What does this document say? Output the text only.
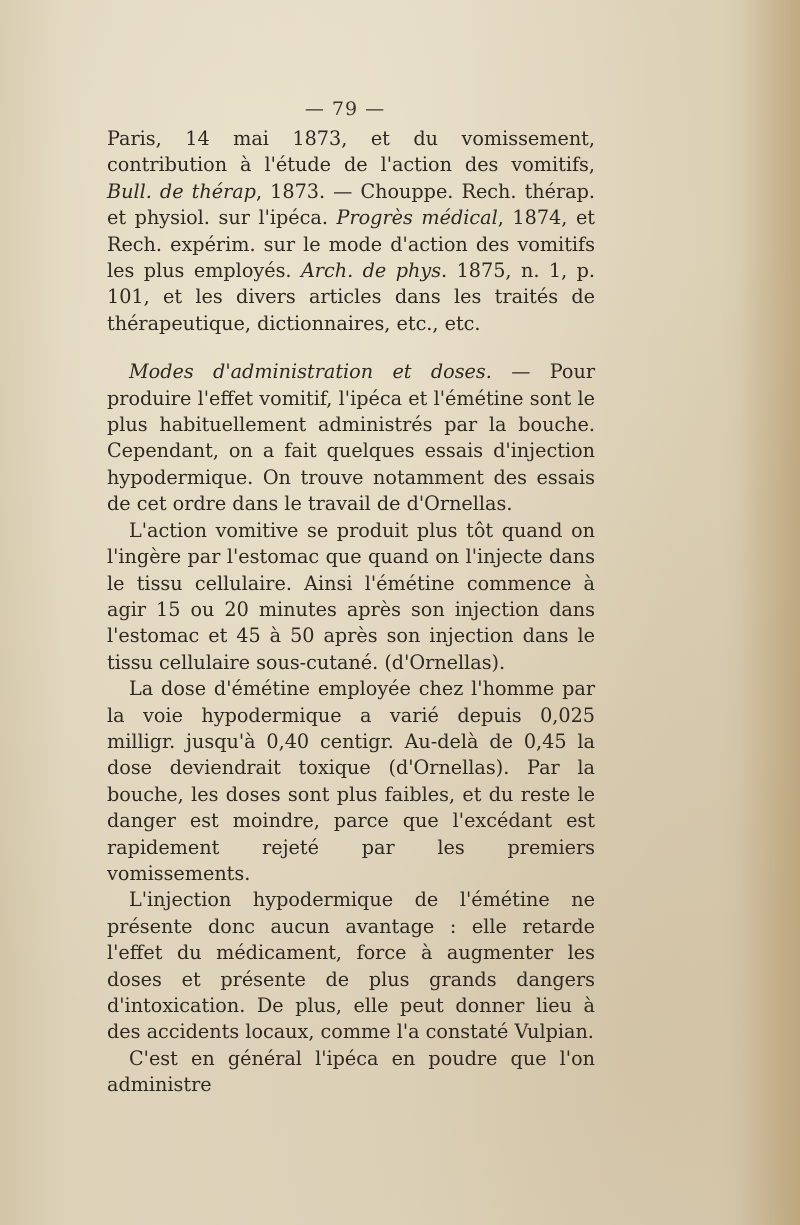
— 79 —

Paris, 14 mai 1873, et du vomissement, contribution à l'étude de l'action des vomitifs, Bull. de thérap, 1873. — Chouppe. Rech. thérap. et physiol. sur l'ipéca. Progrès médical, 1874, et Rech. expérim. sur le mode d'action des vomitifs les plus employés. Arch. de phys. 1875, n. 1, p. 101, et les divers articles dans les traités de thérapeutique, dictionnaires, etc., etc.

Modes d'administration et doses. — Pour produire l'effet vomitif, l'ipéca et l'émétine sont le plus habituellement administrés par la bouche. Cependant, on a fait quelques essais d'injection hypodermique. On trouve notamment des essais de cet ordre dans le travail de d'Ornellas.

L'action vomitive se produit plus tôt quand on l'ingère par l'estomac que quand on l'injecte dans le tissu cellulaire. Ainsi l'émétine commence à agir 15 ou 20 minutes après son injection dans l'estomac et 45 à 50 après son injection dans le tissu cellulaire sous-cutané. (d'Ornellas).

La dose d'émétine employée chez l'homme par la voie hypodermique a varié depuis 0,025 milligr. jusqu'à 0,40 centigr. Au-delà de 0,45 la dose deviendrait toxique (d'Ornellas). Par la bouche, les doses sont plus faibles, et du reste le danger est moindre, parce que l'excédant est rapidement rejeté par les premiers vomissements.

L'injection hypodermique de l'émétine ne présente donc aucun avantage : elle retarde l'effet du médicament, force à augmenter les doses et présente de plus grands dangers d'intoxication. De plus, elle peut donner lieu à des accidents locaux, comme l'a constaté Vulpian.

C'est en général l'ipéca en poudre que l'on administre
